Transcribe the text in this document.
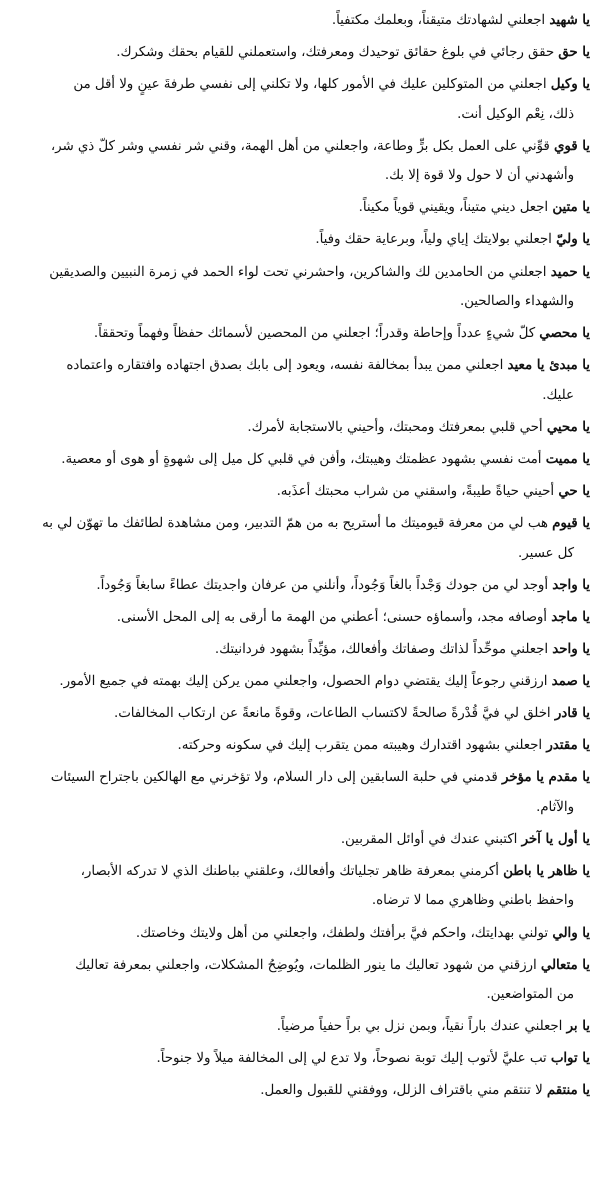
يا شهيد اجعلني لشهادتك متيقناً، وبعلمك مكتفياً.

يا حق حقق رجائي في بلوغ حقائق توحيدك ومعرفتك، واستعملني للقيام بحقك وشكرك.

يا وكيل اجعلني من المتوكلين عليك في الأمور كلها، ولا تكلني إلى نفسي طرفةَ عينٍ ولا أقل من
ذلك، نِعْم الوكيل أنت.

يا قوي قوِّني على العمل بكل برٍّ وطاعة، واجعلني من أهل الهمة، وقني شر نفسي وشر كلّ ذي شر،
وأشهدني أن لا حول ولا قوة إلا بك.

يا متين اجعل ديني متيناً، ويقيني قوياً مكيناً.

يا وليّ اجعلني بولايتك إياي ولياً، وبرعاية حقك وفياً.

يا حميد اجعلني من الحامدين لك والشاكرين، واحشرني تحت لواء الحمد في زمرة النبيين والصديقين
والشهداء والصالحين.

يا محصي كلّ شيءٍ عدداً وإحاطة وقدراً؛ اجعلني من المحصين لأسمائك حفظاً وفهماً وتحققاً.

يا مبدئ يا معيد اجعلني ممن يبدأ بمخالفة نفسه، ويعود إلى بابك بصدق اجتهاده وافتقاره واعتماده
عليك.

يا محيي أحي قلبي بمعرفتك ومحبتك، وأحيني بالاستجابة لأمرك.

يا مميت أمت نفسي بشهود عظمتك وهيبتك، وأفن في قلبي كل ميل إلى شهوةٍ أو هوى أو معصية.

يا حي أحيني حياةً طيبةً، واسقني من شراب محبتك أعذَبه.

يا قيوم هب لي من معرفة قيوميتك ما أستريح به من همّ التدبير، ومن مشاهدة لطائفك ما تهوّن لي به
كل عسير.

يا واجد أوجد لي من جودك وَجْداً بالغاً وَجُوداً، وأنلني من عرفان واجديتك عطاءً سابغاً وَجُوداً.

يا ماجد أوصافه مجد، وأسماؤه حسنى؛ أعطني من الهمة ما أرقى به إلى المحل الأسنى.

يا واحد اجعلني موحِّداً لذاتك وصفاتك وأفعالك، مؤيِّداً بشهود فردانيتك.

يا صمد ارزقني رجوعاً إليك يقتضي دوام الحصول، واجعلني ممن يركن إليك بهمته في جميع الأمور.

يا قادر اخلق لي فيَّ قُدْرةً صالحةً لاكتساب الطاعات، وقوةً مانعةً عن ارتكاب المخالفات.

يا مقتدر اجعلني بشهود اقتدارك وهيبته ممن يتقرب إليك في سكونه وحركته.

يا مقدم يا مؤخر قدمني في حلبة السابقين إلى دار السلام، ولا تؤخرني مع الهالكين باجتراح السيئات
والآثام.

يا أول يا آخر اكتبني عندك في أوائل المقربين.

يا ظاهر يا باطن أكرمني بمعرفة ظاهر تجلياتك وأفعالك، وعلقني بباطنك الذي لا تدركه الأبصار،
واحفظ باطني وظاهري مما لا ترضاه.

يا والي تولني بهدايتك، واحكم فيَّ برأفتك ولطفك، واجعلني من أهل ولايتك وخاصتك.

يا متعالي ارزقني من شهود تعاليك ما ينور الظلمات، ويُوضِحُ المشكلات، واجعلني بمعرفة تعاليك
من المتواضعين.

يا بر اجعلني عندك باراً نقياً، وبمن نزل بي براً حفياً مرضياً.

يا تواب تب عليَّ لأتوب إليك توبة نصوحاً، ولا تدع لي إلى المخالفة ميلاً ولا جنوحاً.

يا منتقم لا تنتقم مني باقتراف الزلل، ووفقني للقبول والعمل.
